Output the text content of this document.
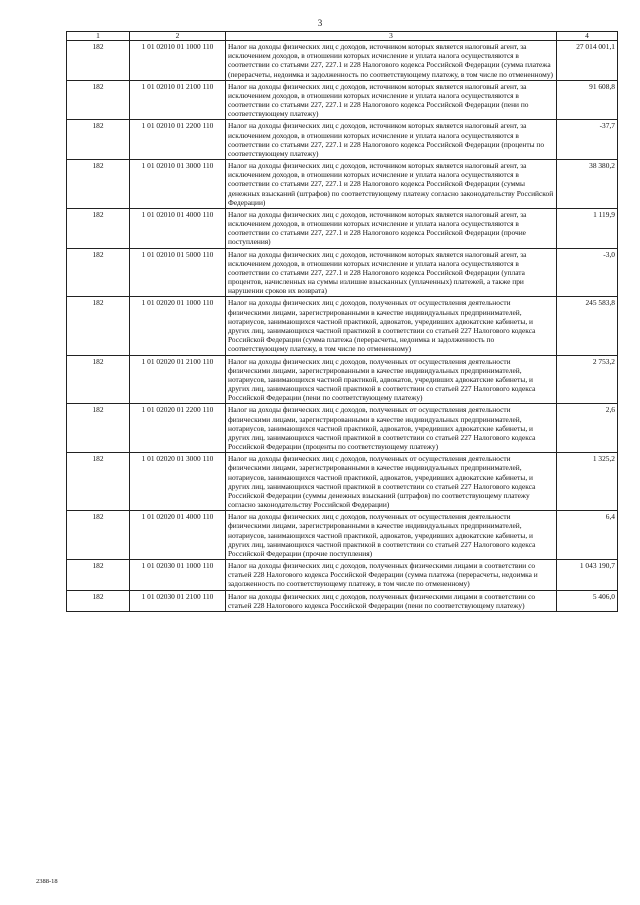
3
1	2	3	4
182	1 01 02010 01 1000 110	Налог на доходы физических лиц с доходов, источником которых является налоговый агент, за исключением доходов, в отношении которых исчисление и уплата налога осуществляются в соответствии со статьями 227, 227.1 и 228 Налогового кодекса Российской Федерации (сумма платежа (перерасчеты, недоимка и задолженность по соответствующему платежу, в том числе по отмененному)	27 014 001,1
182	1 01 02010 01 2100 110	Налог на доходы физических лиц с доходов, источником которых является налоговый агент, за исключением доходов, в отношении которых исчисление и уплата налога осуществляются в соответствии со статьями 227, 227.1 и 228 Налогового кодекса Российской Федерации (пени по соответствующему платежу)	91 608,8
182	1 01 02010 01 2200 110	Налог на доходы физических лиц с доходов, источником которых является налоговый агент, за исключением доходов, в отношении которых исчисление и уплата налога осуществляются в соответствии со статьями 227, 227.1 и 228 Налогового кодекса Российской Федерации (проценты по соответствующему платежу)	-37,7
182	1 01 02010 01 3000 110	Налог на доходы физических лиц с доходов, источником которых является налоговый агент, за исключением доходов, в отношении которых исчисление и уплата налога осуществляются в соответствии со статьями 227, 227.1 и 228 Налогового кодекса Российской Федерации (суммы денежных взысканий (штрафов) по соответствующему платежу согласно законодательству Российской Федерации)	38 380,2
182	1 01 02010 01 4000 110	Налог на доходы физических лиц с доходов, источником которых является налоговый агент, за исключением доходов, в отношении которых исчисление и уплата налога осуществляются в соответствии со статьями 227, 227.1 и 228 Налогового кодекса Российской Федерации (прочие поступления)	1 119,9
182	1 01 02010 01 5000 110	Налог на доходы физических лиц с доходов, источником которых является налоговый агент, за исключением доходов, в отношении которых исчисление и уплата налога осуществляются в соответствии со статьями 227, 227.1 и 228 Налогового кодекса Российской Федерации (уплата процентов, начисленных на суммы излишне взысканных (уплаченных) платежей, а также при нарушении сроков их возврата)	-3,0
182	1 01 02020 01 1000 110	Налог на доходы физических лиц с доходов, полученных от осуществления деятельности физическими лицами, зарегистрированными в качестве индивидуальных предпринимателей, нотариусов, занимающихся частной практикой, адвокатов, учредивших адвокатские кабинеты, и других лиц, занимающихся частной практикой в соответствии со статьей 227 Налогового кодекса Российской Федерации (сумма платежа (перерасчеты, недоимка и задолженность по соответствующему платежу, в том числе по отмененному)	245 583,8
182	1 01 02020 01 2100 110	Налог на доходы физических лиц с доходов, полученных от осуществления деятельности физическими лицами, зарегистрированными в качестве индивидуальных предпринимателей, нотариусов, занимающихся частной практикой, адвокатов, учредивших адвокатские кабинеты, и других лиц, занимающихся частной практикой в соответствии со статьей 227 Налогового кодекса Российской Федерации (пени по соответствующему платежу)	2 753,2
182	1 01 02020 01 2200 110	Налог на доходы физических лиц с доходов, полученных от осуществления деятельности физическими лицами, зарегистрированными в качестве индивидуальных предпринимателей, нотариусов, занимающихся частной практикой, адвокатов, учредивших адвокатские кабинеты, и других лиц, занимающихся частной практикой в соответствии со статьей 227 Налогового кодекса Российской Федерации (проценты по соответствующему платежу)	2,6
182	1 01 02020 01 3000 110	Налог на доходы физических лиц с доходов, полученных от осуществления деятельности физическими лицами, зарегистрированными в качестве индивидуальных предпринимателей, нотариусов, занимающихся частной практикой, адвокатов, учредивших адвокатские кабинеты, и других лиц, занимающихся частной практикой в соответствии со статьей 227 Налогового кодекса Российской Федерации (суммы денежных взысканий (штрафов) по соответствующему платежу согласно законодательству Российской Федерации)	1 325,2
182	1 01 02020 01 4000 110	Налог на доходы физических лиц с доходов, полученных от осуществления деятельности физическими лицами, зарегистрированными в качестве индивидуальных предпринимателей, нотариусов, занимающихся частной практикой, адвокатов, учредивших адвокатские кабинеты, и других лиц, занимающихся частной практикой в соответствии со статьей 227 Налогового кодекса Российской Федерации (прочие поступления)	6,4
182	1 01 02030 01 1000 110	Налог на доходы физических лиц с доходов, полученных физическими лицами в соответствии со статьей 228 Налогового кодекса Российской Федерации (сумма платежа (перерасчеты, недоимка и задолженность по соответствующему платежу, в том числе по отмененному)	1 043 190,7
182	1 01 02030 01 2100 110	Налог на доходы физических лиц с доходов, полученных физическими лицами в соответствии со статьей 228 Налогового кодекса Российской Федерации (пени по соответствующему платежу)	5 406,0
2388-18
